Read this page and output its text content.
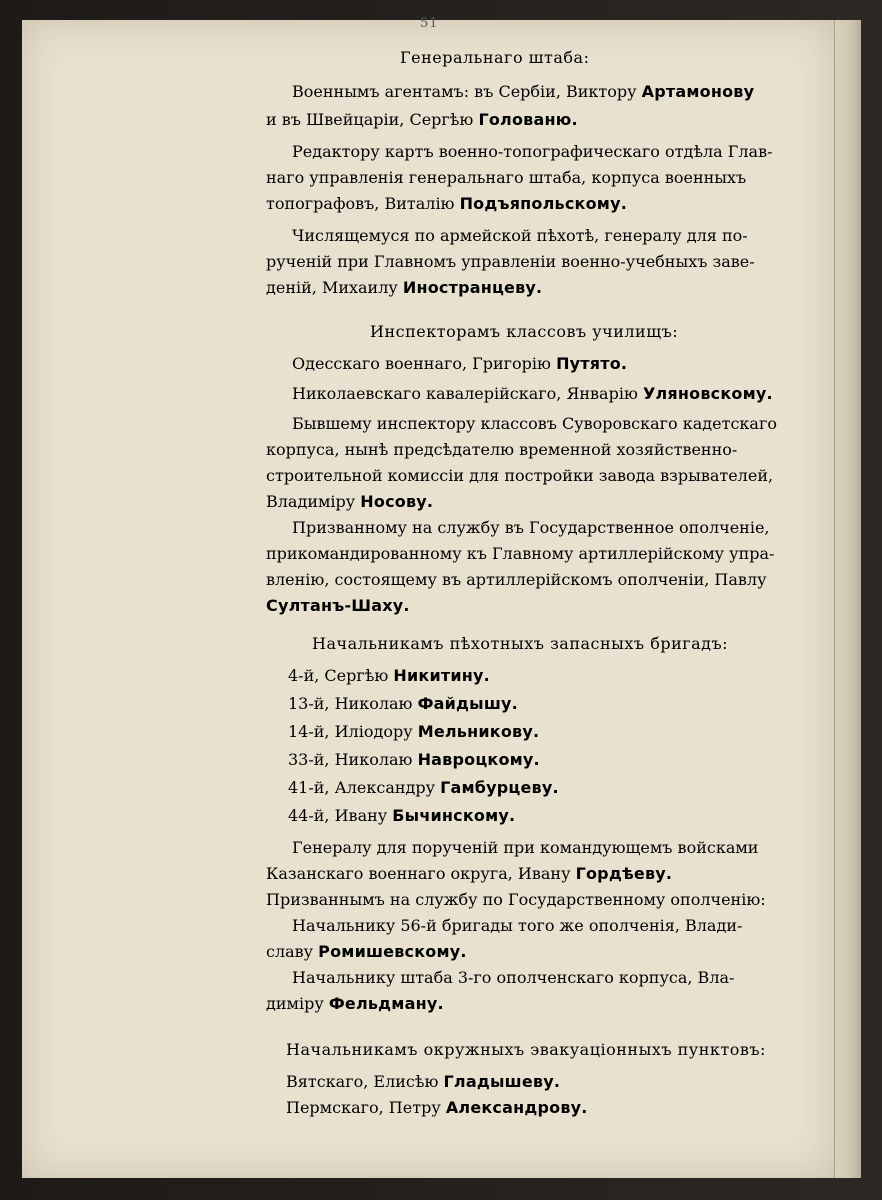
51
Генеральнаго штаба:
Военнымъ агентамъ: въ Сербіи, Виктору Артамонову
и въ Швейцаріи, Сергѣю Голованю.
Редактору картъ военно-топографическаго отдѣла Глав-
наго управленія генеральнаго штаба, корпуса военныхъ
топографовъ, Виталію Подъяпольскому.
Числящемуся по армейской пѣхотѣ, генералу для по-
рученій при Главномъ управленіи военно-учебныхъ заве-
деній, Михаилу Иностранцеву.
Инспекторамъ классовъ училищъ:
Одесскаго военнаго, Григорію Путято.
Николаевскаго кавалерійскаго, Январію Уляновскому.
Бывшему инспектору классовъ Суворовскаго кадетскаго
корпуса, нынѣ предсѣдателю временной хозяйственно-
строительной комиссіи для постройки завода взрывателей,
Владиміру Носову.
Призванному на службу въ Государственное ополченіе,
прикомандированному къ Главному артиллерійскому упра-
вленію, состоящему въ артиллерійскомъ ополченіи, Павлу
Султанъ-Шаху.
Начальникамъ пѣхотныхъ запасныхъ бригадъ:
4-й, Сергѣю Никитину.
13-й, Николаю Файдышу.
14-й, Иліодору Мельникову.
33-й, Николаю Навроцкому.
41-й, Александру Гамбурцеву.
44-й, Ивану Бычинскому.
Генералу для порученій при командующемъ войсками
Казанскаго военнаго округа, Ивану Гордѣеву.
Призваннымъ на службу по Государственному ополченію:
Начальнику 56-й бригады того же ополченія, Влади-
славу Ромишевскому.
Начальнику штаба 3-го ополченскаго корпуса, Вла-
диміру Фельдману.
Начальникамъ окружныхъ эвакуаціонныхъ пунктовъ:
Вятскаго, Елисѣю Гладышеву.
Пермскаго, Петру Александрову.
